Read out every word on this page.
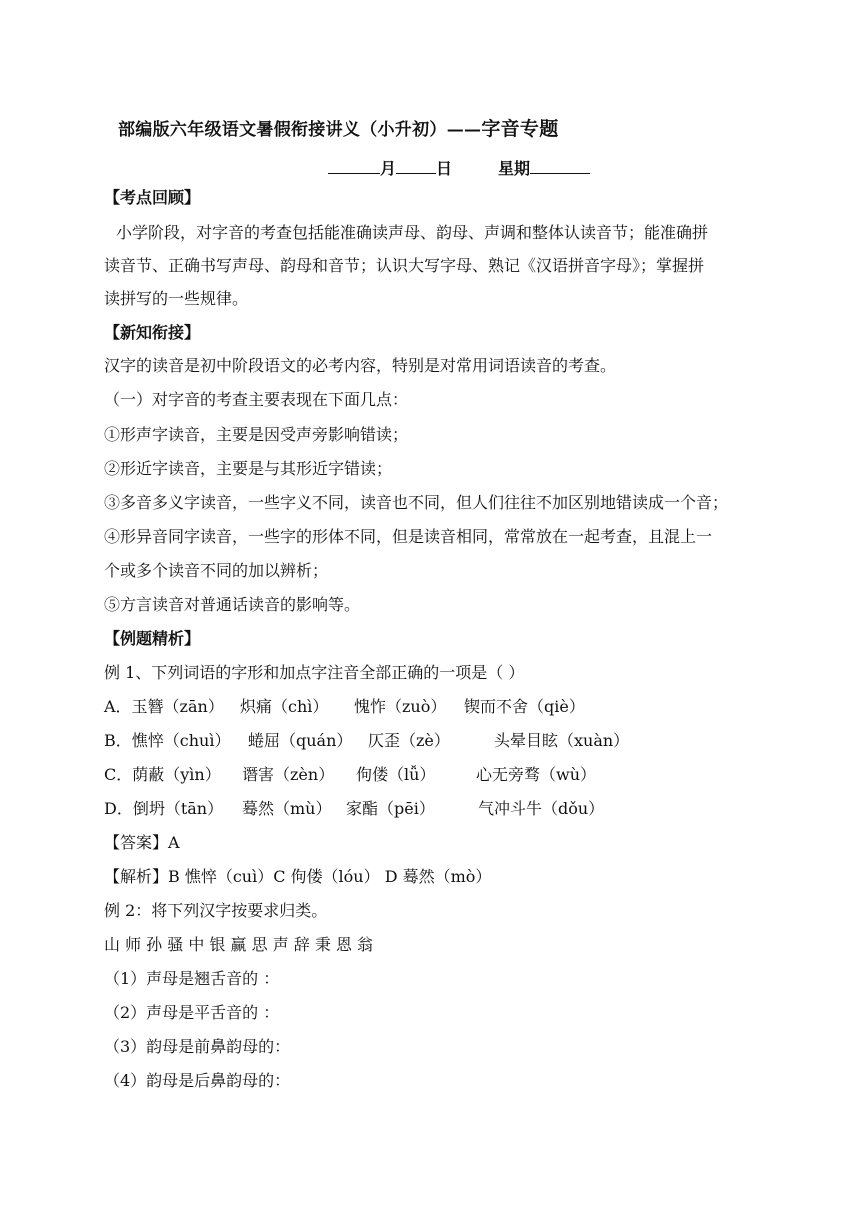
部编版六年级语文暑假衔接讲义（小升初）——字音专题
月	日	星期
【考点回顾】
小学阶段，对字音的考查包括能准确读声母、韵母、声调和整体认读音节；能准确拼
读音节、正确书写声母、韵母和音节；认识大写字母、熟记《汉语拼音字母》；掌握拼
读拼写的一些规律。
【新知衔接】
汉字的读音是初中阶段语文的必考内容，特别是对常用词语读音的考查。
（一）对字音的考查主要表现在下面几点：
①形声字读音，主要是因受声旁影响错读；
②形近字读音，主要是与其形近字错读；
③多音多义字读音，一些字义不同，读音也不同，但人们往往不加区别地错读成一个音；
④形异音同字读音，一些字的形体不同，但是读音相同，常常放在一起考查，且混上一
个或多个读音不同的加以辨析；
⑤方言读音对普通话读音的影响等。
【例题精析】
例 1、下列词语的字形和加点字注音全部正确的一项是（ ）
A．玉簪（zān） 炽痛（chì） 愧怍（zuò） 锲而不舍（qiè）
B．憔悴（chuì） 蜷屈（quán） 仄歪（zè）	头晕目眩（xuàn）
C．荫蔽（yìn） 谮害（zèn） 佝偻（lǚ）	心无旁骛（wù）
D．倒坍（tān） 蓦然（mù） 家酯（pēi）	气冲斗牛（dǒu）
【答案】A
【解析】B 憔悴（cuì）C 佝偻（lóu） D 蓦然（mò）
例 2：将下列汉字按要求归类。
山 师 孙 骚 中 银 赢 思 声 辞 秉 恩 翁
（1）声母是翘舌音的 ：
（2）声母是平舌音的 ：
（3）韵母是前鼻韵母的：
（4）韵母是后鼻韵母的：
